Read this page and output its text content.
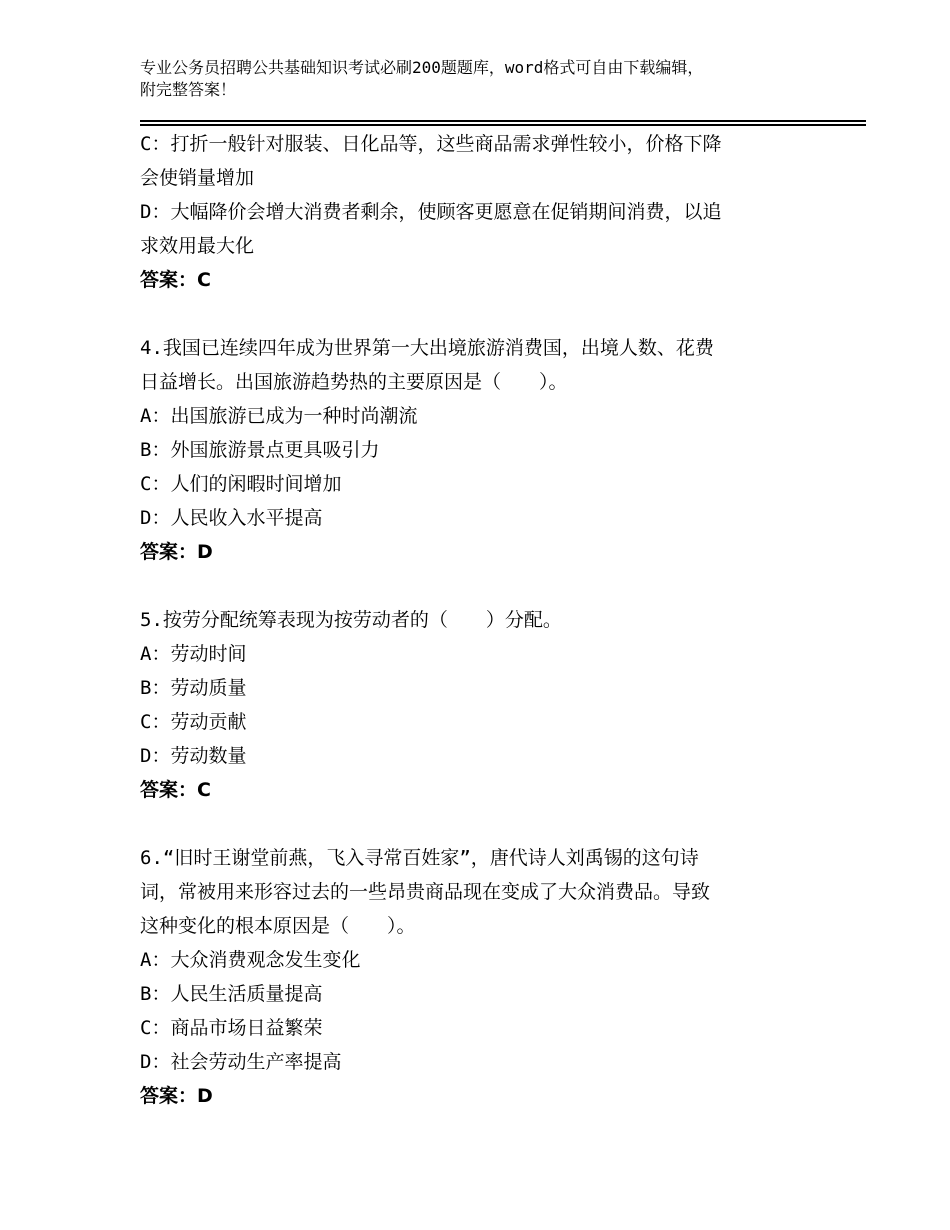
专业公务员招聘公共基础知识考试必刷200题题库，word格式可自由下载编辑，
附完整答案！

C：打折一般针对服装、日化品等，这些商品需求弹性较小，价格下降

会使销量增加

D：大幅降价会增大消费者剩余，使顾客更愿意在促销期间消费，以追

求效用最大化

答案：C

4.我国已连续四年成为世界第一大出境旅游消费国，出境人数、花费

日益增长。出国旅游趋势热的主要原因是（　　）。

A：出国旅游已成为一种时尚潮流

B：外国旅游景点更具吸引力

C：人们的闲暇时间增加

D：人民收入水平提高

答案：D

5.按劳分配统筹表现为按劳动者的（　　）分配。

A：劳动时间

B：劳动质量

C：劳动贡献

D：劳动数量

答案：C

6.“旧时王谢堂前燕，飞入寻常百姓家”，唐代诗人刘禹锡的这句诗

词，常被用来形容过去的一些昂贵商品现在变成了大众消费品。导致

这种变化的根本原因是（　　）。

A：大众消费观念发生变化

B：人民生活质量提高

C：商品市场日益繁荣

D：社会劳动生产率提高

答案：D
